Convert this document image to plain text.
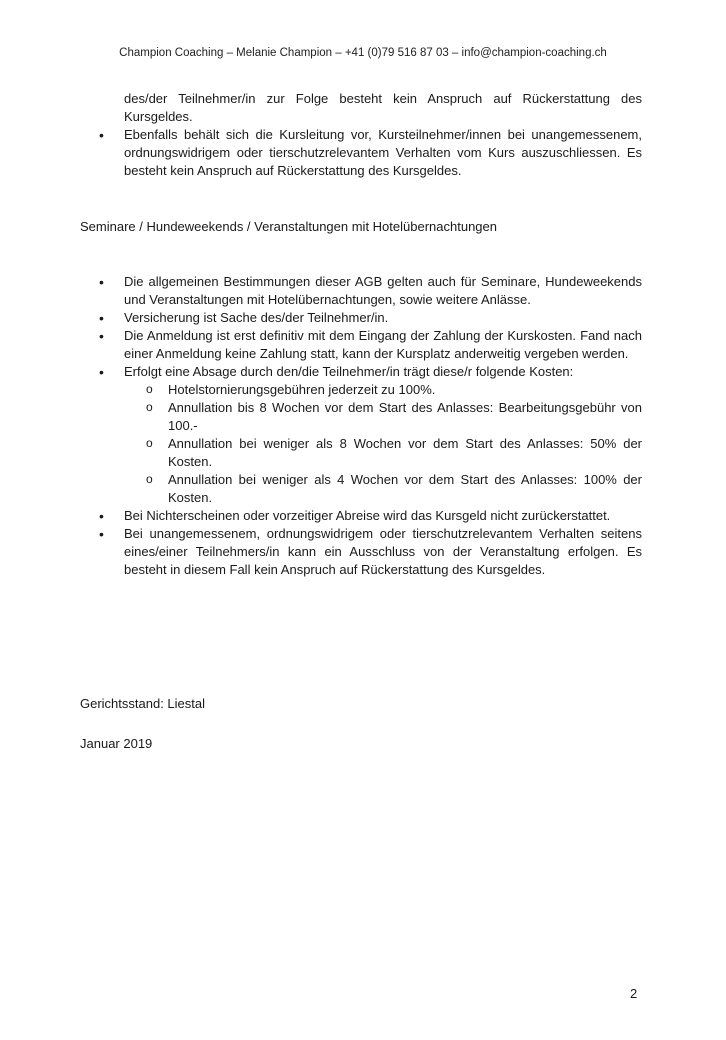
Champion Coaching – Melanie Champion – +41 (0)79 516 87 03 – info@champion-coaching.ch
des/der Teilnehmer/in zur Folge besteht kein Anspruch auf Rückerstattung des Kursgeldes.
• Ebenfalls behält sich die Kursleitung vor, Kursteilnehmer/innen bei unangemessenem, ordnungswidrigem oder tierschutzrelevantem Verhalten vom Kurs auszuschliessen. Es besteht kein Anspruch auf Rückerstattung des Kursgeldes.
Seminare / Hundeweekends / Veranstaltungen mit Hotelübernachtungen
• Die allgemeinen Bestimmungen dieser AGB gelten auch für Seminare, Hundeweekends und Veranstaltungen mit Hotelübernachtungen, sowie weitere Anlässe.
• Versicherung ist Sache des/der Teilnehmer/in.
• Die Anmeldung ist erst definitiv mit dem Eingang der Zahlung der Kurskosten. Fand nach einer Anmeldung keine Zahlung statt, kann der Kursplatz anderweitig vergeben werden.
• Erfolgt eine Absage durch den/die Teilnehmer/in trägt diese/r folgende Kosten:
o Hotelstornierungsgebühren jederzeit zu 100%.
o Annullation bis 8 Wochen vor dem Start des Anlasses: Bearbeitungsgebühr von 100.-
o Annullation bei weniger als 8 Wochen vor dem Start des Anlasses: 50% der Kosten.
o Annullation bei weniger als 4 Wochen vor dem Start des Anlasses: 100% der Kosten.
• Bei Nichterscheinen oder vorzeitiger Abreise wird das Kursgeld nicht zurückerstattet.
• Bei unangemessenem, ordnungswidrigem oder tierschutzrelevantem Verhalten seitens eines/einer Teilnehmers/in kann ein Ausschluss von der Veranstaltung erfolgen. Es besteht in diesem Fall kein Anspruch auf Rückerstattung des Kursgeldes.
Gerichtsstand: Liestal
Januar 2019
2
